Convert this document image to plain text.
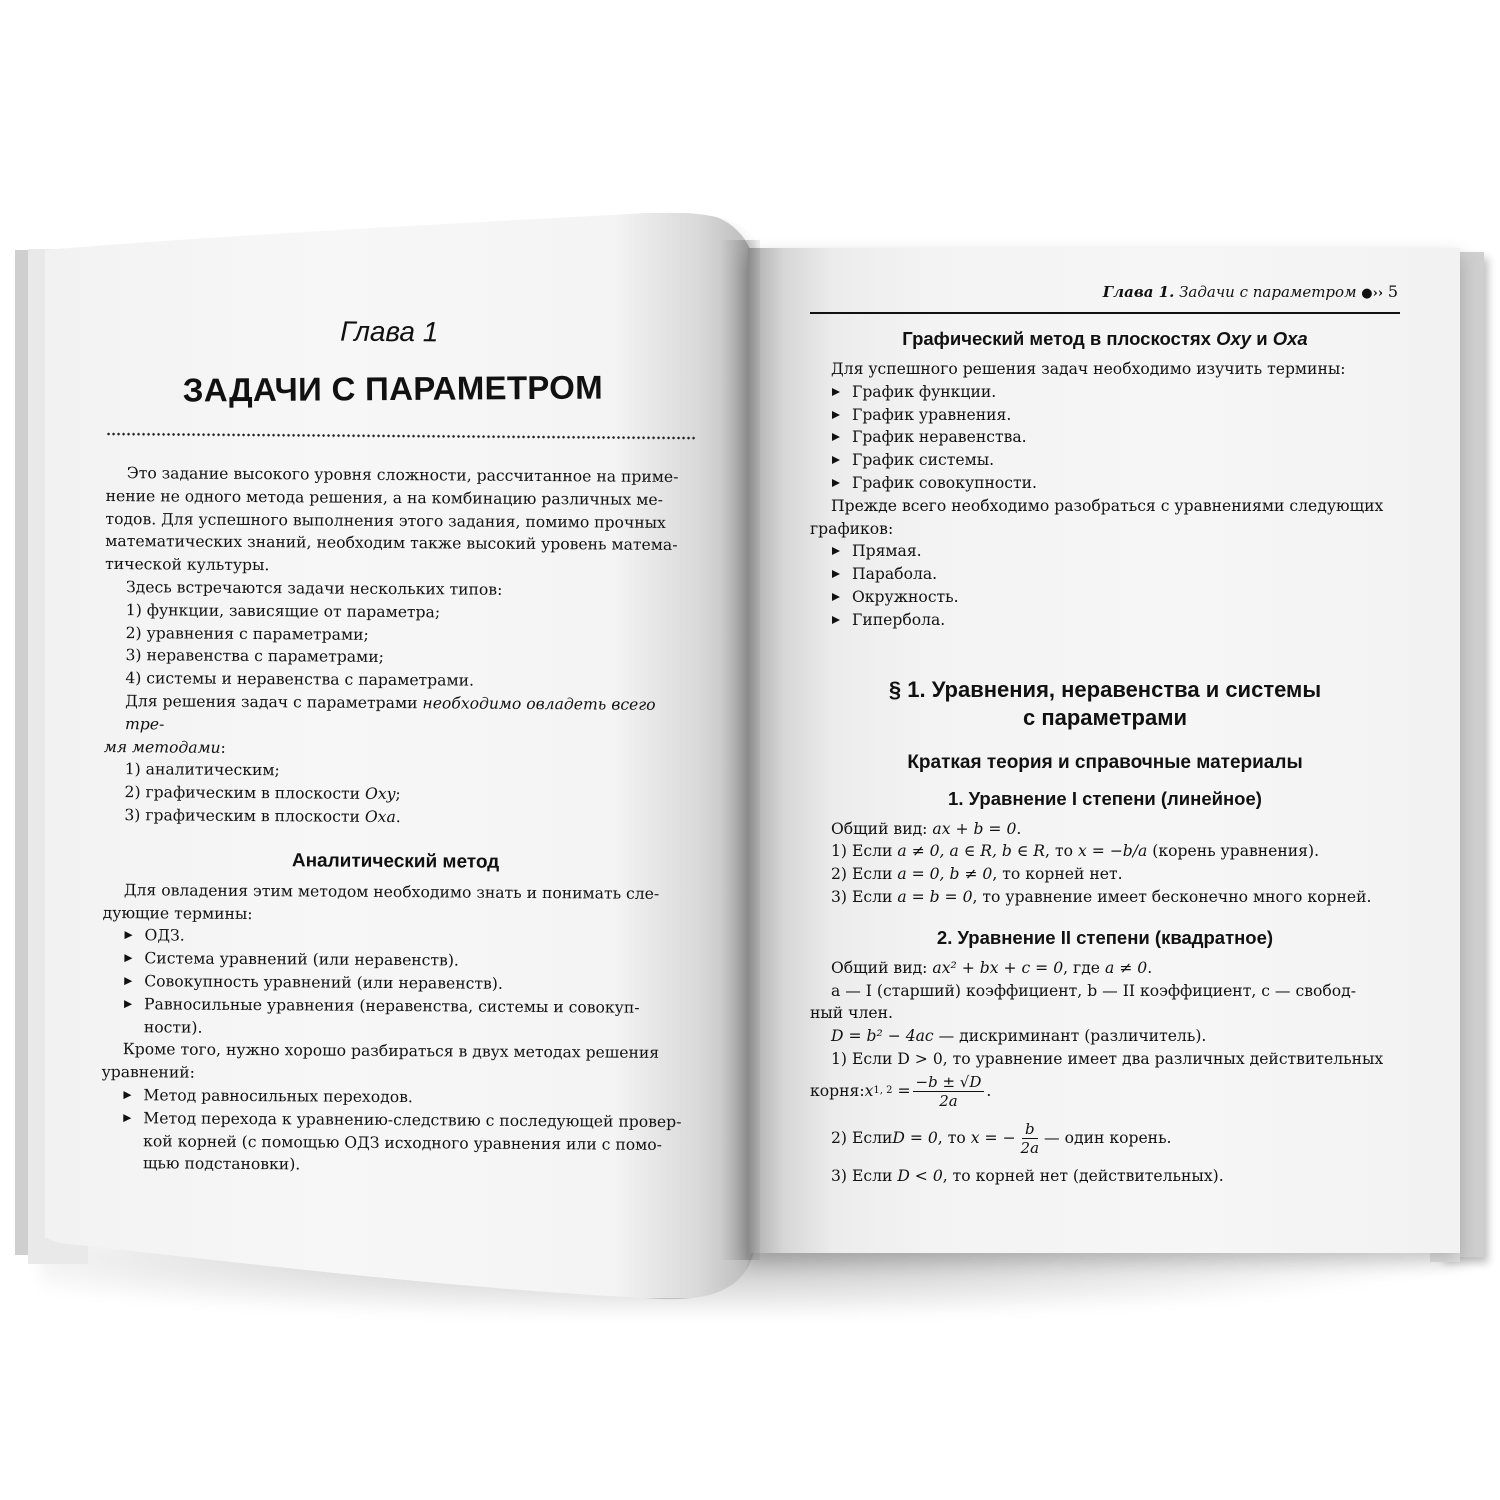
Глава 1
ЗАДАЧИ С ПАРАМЕТРОМ
Это задание высокого уровня сложности, рассчитанное на приме-
нение не одного метода решения, а на комбинацию различных ме-
тодов. Для успешного выполнения этого задания, помимо прочных
математических знаний, необходим также высокий уровень матема-
тической культуры.
Здесь встречаются задачи нескольких типов:
1) функции, зависящие от параметра;
2) уравнения с параметрами;
3) неравенства с параметрами;
4) системы и неравенства с параметрами.
Для решения задач с параметрами необходимо овладеть всего тре-
мя методами:
1) аналитическим;
2) графическим в плоскости Oxy;
3) графическим в плоскости Oxa.
Аналитический метод
Для овладения этим методом необходимо знать и понимать сле-
дующие термины:
ОДЗ.
Система уравнений (или неравенств).
Совокупность уравнений (или неравенств).
Равносильные уравнения (неравенства, системы и совокуп-
ности).
Кроме того, нужно хорошо разбираться в двух методах решения
уравнений:
Метод равносильных переходов.
Метод перехода к уравнению-следствию с последующей провер-
кой корней (с помощью ОДЗ исходного уравнения или с помо-
щью подстановки).
Глава 1. Задачи с параметром ●›› 5
Графический метод в плоскостях Oxy и Oxa
Для успешного решения задач необходимо изучить термины:
График функции.
График уравнения.
График неравенства.
График системы.
График совокупности.
Прежде всего необходимо разобраться с уравнениями следующих
графиков:
Прямая.
Парабола.
Окружность.
Гипербола.
§ 1. Уравнения, неравенства и системы
с параметрами
Краткая теория и справочные материалы
1. Уравнение I степени (линейное)
Общий вид: ax + b = 0.
1) Если a ≠ 0, a ∈ R, b ∈ R, то x = −b/a (корень уравнения).
2) Если a = 0, b ≠ 0, то корней нет.
3) Если a = b = 0, то уравнение имеет бесконечно много корней.
2. Уравнение II степени (квадратное)
Общий вид: ax² + bx + c = 0, где a ≠ 0.
a — I (старший) коэффициент, b — II коэффициент, c — свобод-
ный член.
D = b² − 4ac — дискриминант (различитель).
1) Если D > 0, то уравнение имеет два различных действительных
корня: x 1, $2 = \frac{-b \pm √D}{2a}$ .
2) Если D = 0 , то
x = − $\frac{b}{2a}$ — один корень.
3) Если D < 0, то корней нет (действительных).
